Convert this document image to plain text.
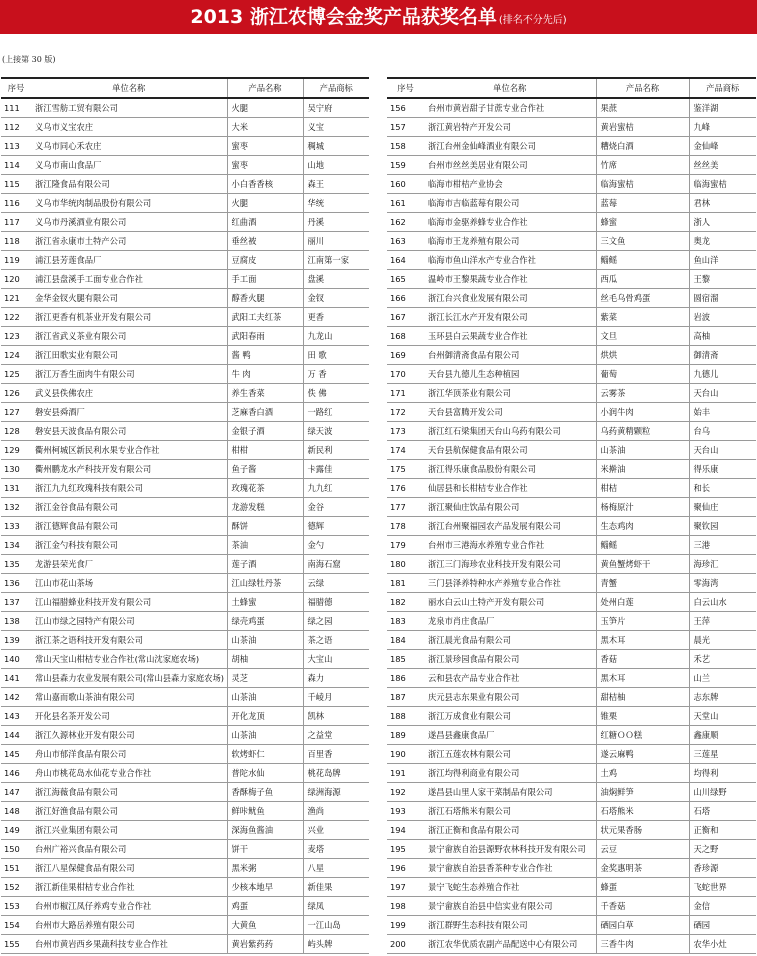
2013 浙江农博会金奖产品获奖名单 (排名不分先后)
(上接第 30 版)
序号	单位名称	产品名称	产品商标
111	浙江雪舫工贸有限公司	火腿	吴宁府
112	义乌市义宝农庄	大米	义宝
113	义乌市同心禾农庄	蜜枣	稠城
114	义乌市南山食品厂	蜜枣	山地
115	浙江隆食品有限公司	小白香香核	森王
116	义乌市华统肉制品股份有限公司	火腿	华统
117	义乌市丹溪酒业有限公司	红曲酒	丹溪
118	浙江省永康市土特产公司	垂丝被	丽川
119	浦江县芳莲食品厂	豆腐皮	江南第一家
120	浦江县盘溪手工面专业合作社	手工面	盘溪
121	金华金钗火腿有限公司	醇香火腿	金钗
122	浙江更香有机茶业开发有限公司	武阳工夫红茶	更香
123	浙江省武义茶业有限公司	武阳春雨	九龙山
124	浙江田歌实业有限公司	酱 鸭	田 歌
125	浙江万香生面肉牛有限公司	牛 肉	万 香
126	武义县佚佛农庄	养生香菜	佚 佛
127	磐安县舜酒厂	芝麻香白酒	一路红
128	磐安县天波食品有限公司	金银子酒	绿天波
129	衢州柯城区新民利水果专业合作社	柑柑	新民利
130	衢州鹏龙水产科技开发有限公司	鱼子酱	卡露佳
131	浙江九九红玫瑰科技有限公司	玫瑰花茶	九九红
132	浙江金谷食品有限公司	龙游发糕	金谷
133	浙江德辉食品有限公司	酥饼	德辉
134	浙江金勺科技有限公司	茶油	金勺
135	龙游县荣光食厂	莲子酒	南海石窟
136	江山市花山茶场	江山绿牡丹茶	云绿
137	江山福腊蜂业科技开发有限公司	土蜂蜜	福腊德
138	江山市绿之园特产有限公司	绿壳鸡蛋	绿之园
139	浙江茶之语科技开发有限公司	山茶油	茶之语
140	常山天宝山柑桔专业合作社(常山沈家庭农场)	胡柚	大宝山
141	常山县森力农业发展有限公司(常山县森力家庭农场)	灵芝	森力
142	常山嘉而歌山茶油有限公司	山茶油	千崚月
143	开化县名茶开发公司	开化龙顶	凯林
144	浙江久源林业开发有限公司	山茶油	之益堂
145	舟山市郁洋食品有限公司	软烤虾仁	百里香
146	舟山市桃花岛水仙花专业合作社	普陀水仙	桃花岛牌
147	浙江海薇食品有限公司	香酥梅子鱼	绿洲海源
148	浙江好渔食品有限公司	鲜咔鱿鱼	渔尚
149	浙江兴业集团有限公司	深海鱼酱油	兴业
150	台州广裕兴食品有限公司	饼干	麦塔
151	浙江八星保健食品有限公司	黑米粥	八星
152	浙江新佳果柑桔专业合作社	少核本地早	新佳果
153	台州市椒江凤仔养鸡专业合作社	鸡蛋	绿凤
154	台州市大路岳养殖有限公司	大黄鱼	一江山岛
155	台州市黄岩西乡果蔬科技专业合作社	黄岩紫药药	屿头牌
序号	单位名称	产品名称	产品商标
156	台州市黄岩甜子甘蔗专业合作社	果蔗	鉴洋湖
157	浙江黄岩特产开发公司	黄岩蜜桔	九峰
158	浙江台州金仙峰酒业有限公司	糟烧白酒	金仙峰
159	台州市丝丝美居业有限公司	竹席	丝丝美
160	临海市柑桔产业协会	临海蜜桔	临海蜜桔
161	临海市吉临蓝莓有限公司	蓝莓	君林
162	临海市金驱养蜂专业合作社	蜂蜜	浙人
163	临海市王龙养殖有限公司	三文鱼	奥龙
164	临海市鱼山洋水产专业合作社	鲻鳐	鱼山洋
165	温岭市王黎果蔬专业合作社	西瓜	王黎
166	浙江台兴食业发展有限公司	丝毛乌骨鸡蛋	圆宿溜
167	浙江长江水产开发有限公司	紫菜	岩波
168	玉环县白云果蔬专业合作社	文旦	高柚
169	台州御清斋食品有限公司	烘烘	御清斋
170	天台县九德儿生态种植园	葡萄	九德儿
171	浙江华顶茶业有限公司	云雾茶	天台山
172	天台县富腾开发公司	小润牛肉	始丰
173	浙江红石梁集团天台山乌药有限公司	乌药黄精颗粒	台乌
174	天台县航保健食品有限公司	山茶油	天台山
175	浙江得乐康食品股份有限公司	米擀油	得乐康
176	仙居县和长柑桔专业合作社	柑桔	和长
177	浙江聚仙庄饮品有限公司	杨梅原汁	聚仙庄
178	浙江台州聚福园农产品发展有限公司	生态鸡肉	聚钦园
179	台州市三港海水养殖专业合作社	鲻鳐	三港
180	浙江三门海珍农业科技开发有限公司	黄鱼蟹烤虾干	海珍汇
181	三门县泽养特种水产养殖专业合作社	青蟹	零海湾
182	丽水白云山土特产开发有限公司	处州白莲	白云山水
183	龙泉市肖庄食品厂	玉笋片	王萍
184	浙江晨光食品有限公司	黑木耳	晨光
185	浙江景珍园食品有限公司	香菇	禾艺
186	云和县农产品专业合作社	黑木耳	山兰
187	庆元县志东果业有限公司	甜桔柚	志东牌
188	浙江万成食业有限公司	锥栗	天堂山
189	遂昌县鑫康食品厂	红糖ＯＯ糕	鑫康顺
190	浙江五莲农林有限公司	遂云麻鸭	三莲星
191	浙江均得利商业有限公司	土鸡	均得利
192	遂昌县山里人家干菜制品有限公司	油焖鲜笋	山川绿野
193	浙江石塔熊米有限公司	石塔熊米	石塔
194	浙江正衡和食品有限公司	状元果香肠	正衡和
195	景宁畲族自治县源野农林科技开发有限公司	云豆	天之野
196	景宁畲族自治县香茶种专业合作社	金奖惠明茶	香珍源
197	景宁飞蛇生态养殖合作社	蜂蛋	飞蛇世界
198	景宁畲族自治县中信实业有限公司	千香菇	金信
199	浙江群野生态科技有限公司	硒园白草	硒园
200	浙江农华优质农副产品配送中心有限公司	三香牛肉	农华小灶
